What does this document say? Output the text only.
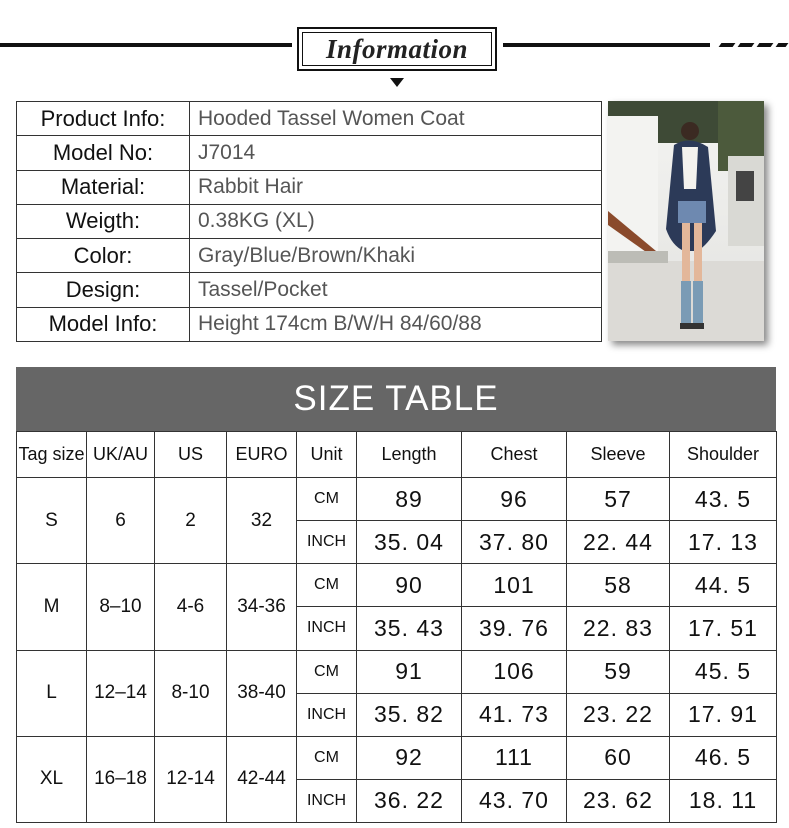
Information
Product Info:	Hooded Tassel Women Coat
Model No:	J7014
Material:	Rabbit Hair
Weigth:	0.38KG (XL)
Color:	Gray/Blue/Brown/Khaki
Design:	Tassel/Pocket
Model Info:	Height 174cm B/W/H 84/60/88
SIZE TABLE
Tag size	UK/AU	US	EURO	Unit	Length	Chest	Sleeve	Shoulder
S	6	2	32	CM	89	96	57	43. 5
				INCH	35. 04	37. 80	22. 44	17. 13
M	8–10	4-6	34-36	CM	90	101	58	44. 5
				INCH	35. 43	39. 76	22. 83	17. 51
L	12–14	8-10	38-40	CM	91	106	59	45. 5
				INCH	35. 82	41. 73	23. 22	17. 91
XL	16–18	12-14	42-44	CM	92	111	60	46. 5
				INCH	36. 22	43. 70	23. 62	18. 11
